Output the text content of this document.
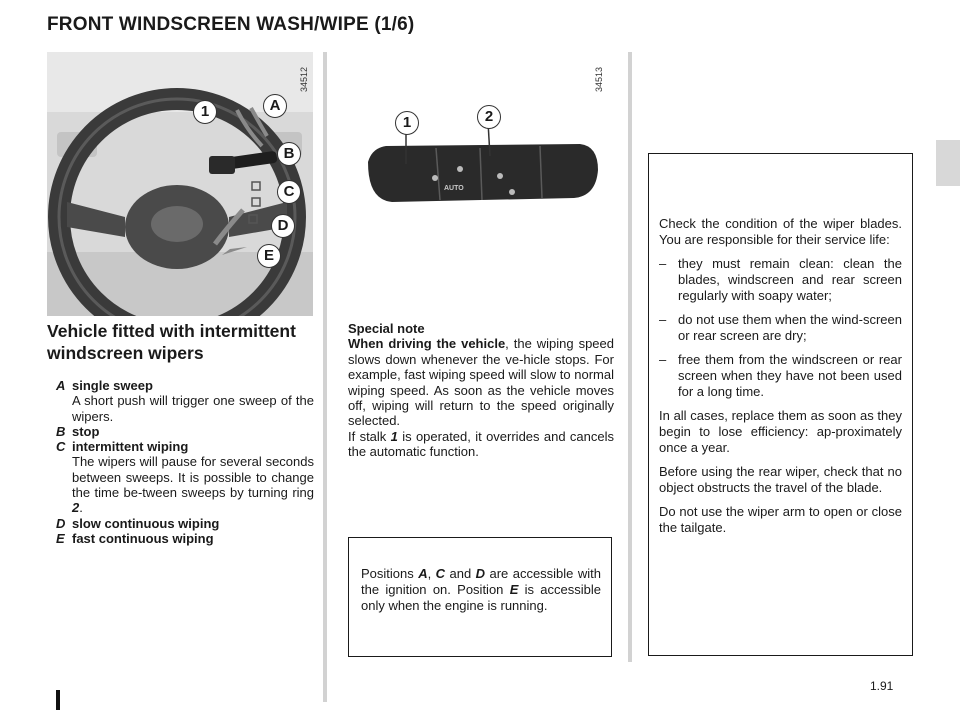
FRONT WINDSCREEN WASH/WIPE (1/6)
34512
1	A
B
C
D
E
AUTO
34513
1	2
Vehicle fitted with intermittent windscreen wipers
A single sweep
A short push will trigger one sweep of the wipers.
B stop
C intermittent wiping
The wipers will pause for several seconds between sweeps. It is possible to change the time be-tween sweeps by turning ring 2.
D slow continuous wiping
E fast continuous wiping
Special note
When driving the vehicle, the wiping speed slows down whenever the ve-hicle stops. For example, fast wiping speed will slow to normal wiping speed. As soon as the vehicle moves off, wiping will return to the speed originally selected.
If stalk 1 is operated, it overrides and cancels the automatic function.

Positions A, C and D are accessible with the ignition on. Position E is accessible only when the engine is running.

Check the condition of the wiper blades. You are responsible for their service life:

– they must remain clean: clean the blades, windscreen and rear screen regularly with soapy water;
– do not use them when the wind-screen or rear screen are dry;
– free them from the windscreen or rear screen when they have not been used for a long time.

In all cases, replace them as soon as they begin to lose efficiency: ap-proximately once a year.

Before using the rear wiper, check that no object obstructs the travel of the blade.

Do not use the wiper arm to open or close the tailgate.

1.91
